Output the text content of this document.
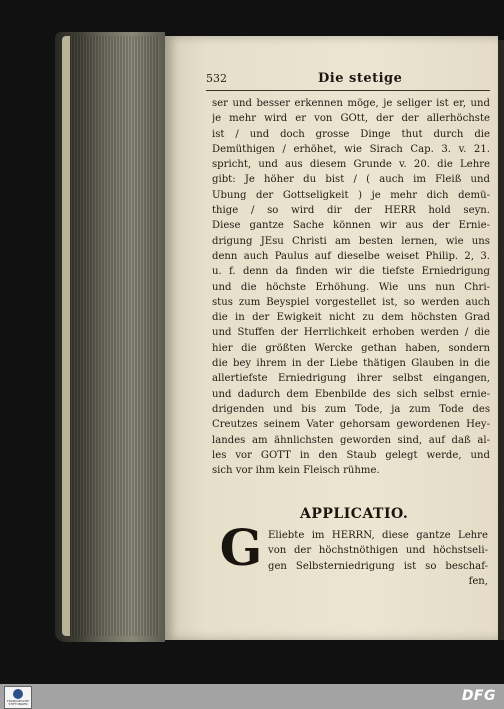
532	Die stetige
ser und besser erkennen möge, je seliger ist er, und
je mehr wird er von GOtt, der der allerhöchste
ist / und doch grosse Dinge thut durch die
Demüthigen / erhöhet, wie Sirach Cap. 3. v. 21.
spricht, und aus diesem Grunde v. 20. die Lehre
gibt: Je höher du bist / ( auch im Fleiß und
Ubung der Gottseligkeit ) je mehr dich demü-
thige / so wird dir der HERR hold seyn.
Diese gantze Sache können wir aus der Ernie-
drigung JEsu Christi am besten lernen, wie uns
denn auch Paulus auf dieselbe weiset Philip. 2, 3.
u. f. denn da finden wir die tiefste Erniedrigung
und die höchste Erhöhung. Wie uns nun Chri-
stus zum Beyspiel vorgestellet ist, so werden auch
die in der Ewigkeit nicht zu dem höchsten Grad
und Stuffen der Herrlichkeit erhoben werden / die
hier die größten Wercke gethan haben, sondern
die bey ihrem in der Liebe thätigen Glauben in die
allertiefste Erniedrigung ihrer selbst eingangen,
und dadurch dem Ebenbilde des sich selbst ernie-
drigenden und bis zum Tode, ja zum Tode des
Creutzes seinem Vater gehorsam gewordenen Hey-
landes am ähnlichsten geworden sind, auf daß al-
les vor GOTT in den Staub gelegt werde, und
sich vor ihm kein Fleisch rühme.
APPLICATIO.
G Eliebte im HERRN, diese gantze Lehre
von der höchstnöthigen und höchstseli-
gen Selbsterniedrigung ist so beschaf-
fen,
FRANCKESCHE STIFTUNGEN	DFG
